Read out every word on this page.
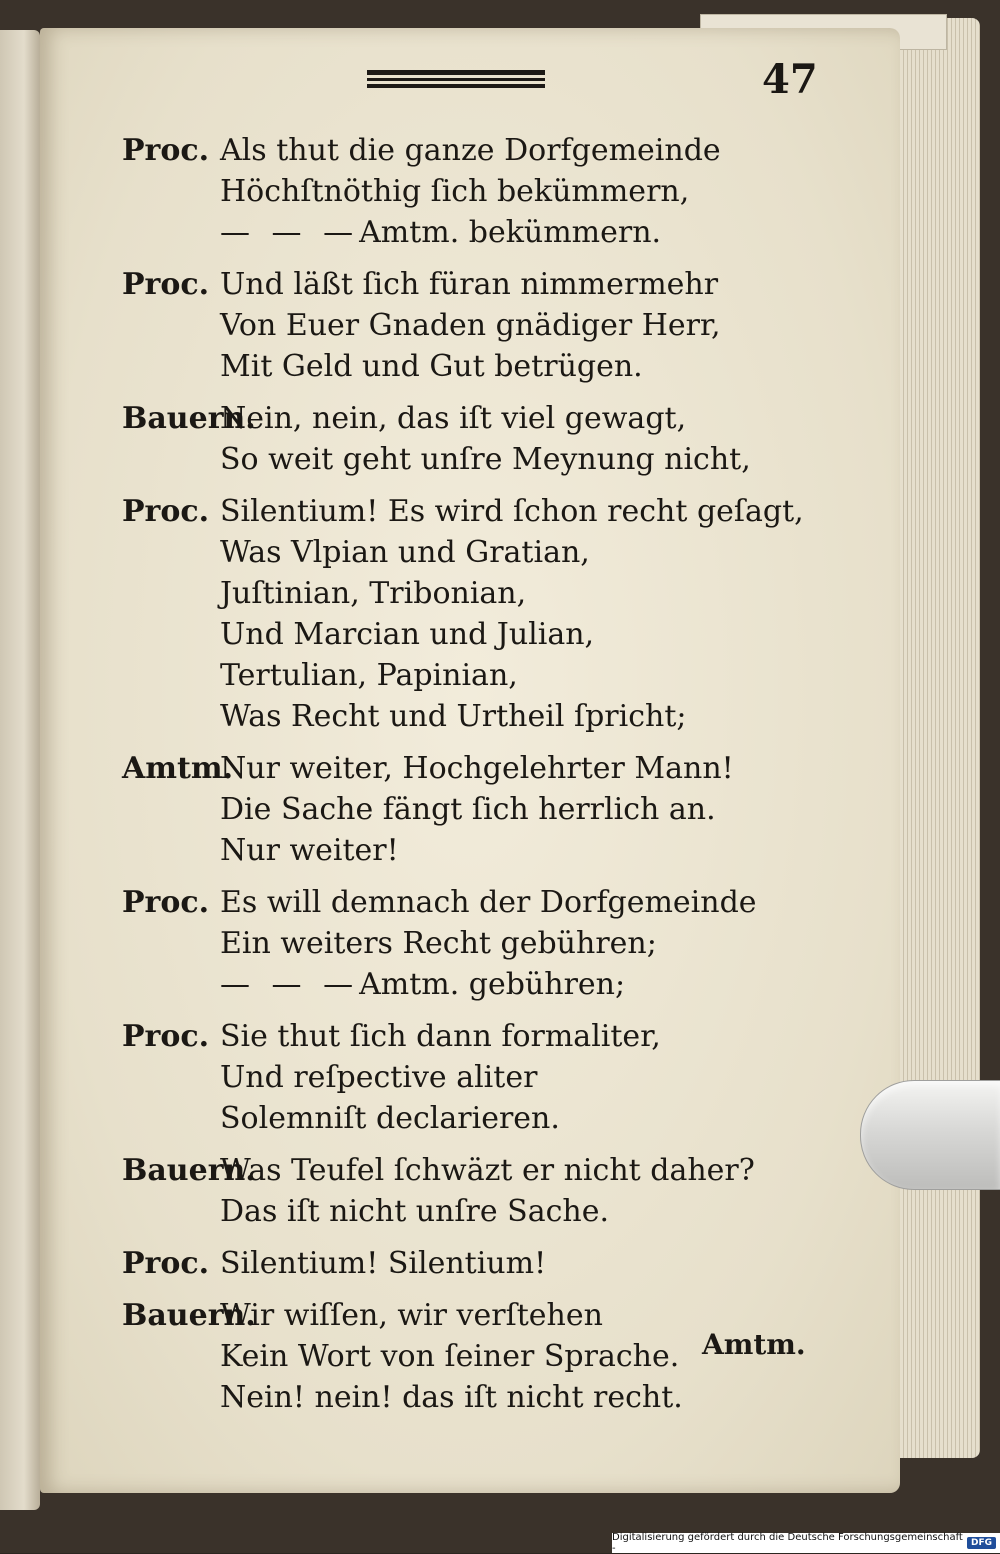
47
Proc. Als thut die ganze Dorfgemeinde
Höchſtnöthig ſich bekümmern,
— — — Amtm. bekümmern.
Proc. Und läßt ſich füran nimmermehr
Von Euer Gnaden gnädiger Herr,
Mit Geld und Gut betrügen.
Bauern.
Nein, nein, das iſt viel gewagt,
So weit geht unſre Meynung nicht,
Proc. Silentium! Es wird ſchon recht geſagt,
Was Vlpian und Gratian,
Juſtinian, Tribonian,
Und Marcian und Julian,
Tertulian, Papinian,
Was Recht und Urtheil ſpricht;
Amtm.
Nur weiter, Hochgelehrter Mann!
Die Sache fängt ſich herrlich an.
Nur weiter!
Proc. Es will demnach der Dorfgemeinde
Ein weiters Recht gebühren;
— — — Amtm. gebühren;
Proc. Sie thut ſich dann formaliter,
Und reſpective aliter
Solemniſt declarieren.
Bauern.
Was Teufel ſchwäzt er nicht daher?
Das iſt nicht unſre Sache.
Proc. Silentium! Silentium!
Bauern.
Wir wiſſen, wir verſtehen
Kein Wort von ſeiner Sprache.
Nein! nein! das iſt nicht recht.
Amtm.
Digitalisierung gefördert durch die Deutsche Forschungsgemeinschaft -	DFG
